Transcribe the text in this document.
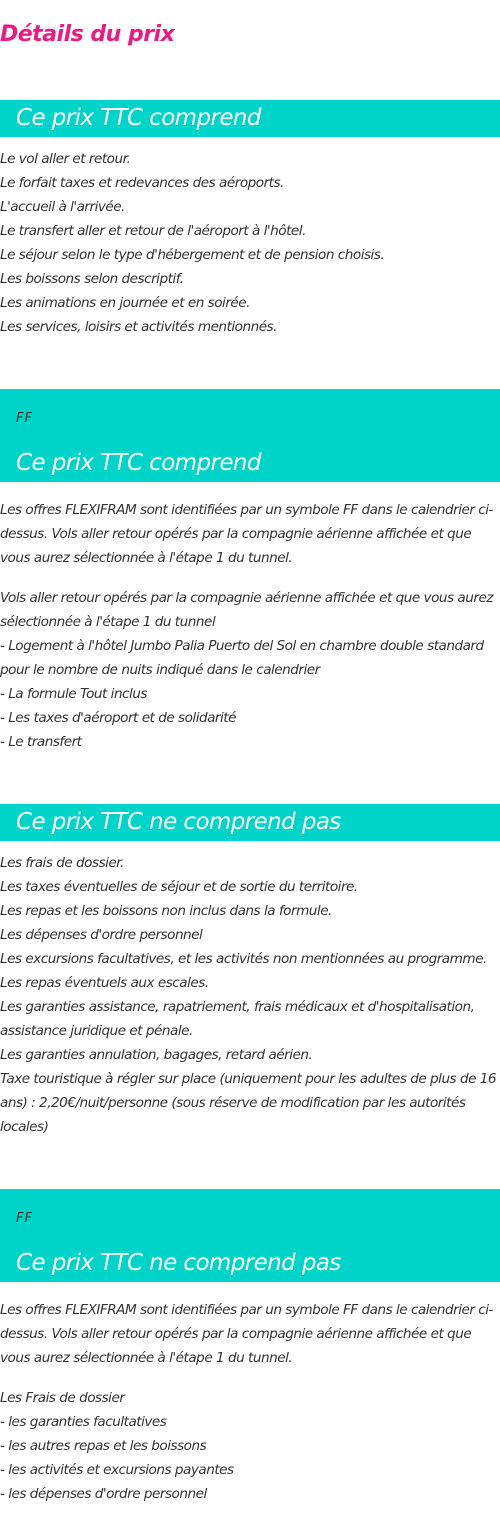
Détails du prix
Ce prix TTC comprend
Le vol aller et retour.
Le forfait taxes et redevances des aéroports.
L'accueil à l'arrivée.
Le transfert aller et retour de l'aéroport à l'hôtel.
Le séjour selon le type d'hébergement et de pension choisis.
Les boissons selon descriptif.
Les animations en journée et en soirée.
Les services, loisirs et activités mentionnés.
FF
Ce prix TTC comprend
Les offres FLEXIFRAM sont identifiées par un symbole FF dans le calendrier ci-dessus. Vols aller retour opérés par la compagnie aérienne affichée et que vous aurez sélectionnée à l'étape 1 du tunnel.
Vols aller retour opérés par la compagnie aérienne affichée et que vous aurez sélectionnée à l'étape 1 du tunnel
- Logement à l'hôtel Jumbo Palia Puerto del Sol en chambre double standard pour le nombre de nuits indiqué dans le calendrier
- La formule Tout inclus
- Les taxes d'aéroport et de solidarité
- Le transfert
Ce prix TTC ne comprend pas
Les frais de dossier.
Les taxes éventuelles de séjour et de sortie du territoire.
Les repas et les boissons non inclus dans la formule.
Les dépenses d'ordre personnel
Les excursions facultatives, et les activités non mentionnées au programme.
Les repas éventuels aux escales.
Les garanties assistance, rapatriement, frais médicaux et d'hospitalisation, assistance juridique et pénale.
Les garanties annulation, bagages, retard aérien.
Taxe touristique à régler sur place (uniquement pour les adultes de plus de 16 ans) : 2,20€/nuit/personne (sous réserve de modification par les autorités locales)
FF
Ce prix TTC ne comprend pas
Les offres FLEXIFRAM sont identifiées par un symbole FF dans le calendrier ci-dessus. Vols aller retour opérés par la compagnie aérienne affichée et que vous aurez sélectionnée à l'étape 1 du tunnel.
Les Frais de dossier
- les garanties facultatives
- les autres repas et les boissons
- les activités et excursions payantes
- les dépenses d'ordre personnel
